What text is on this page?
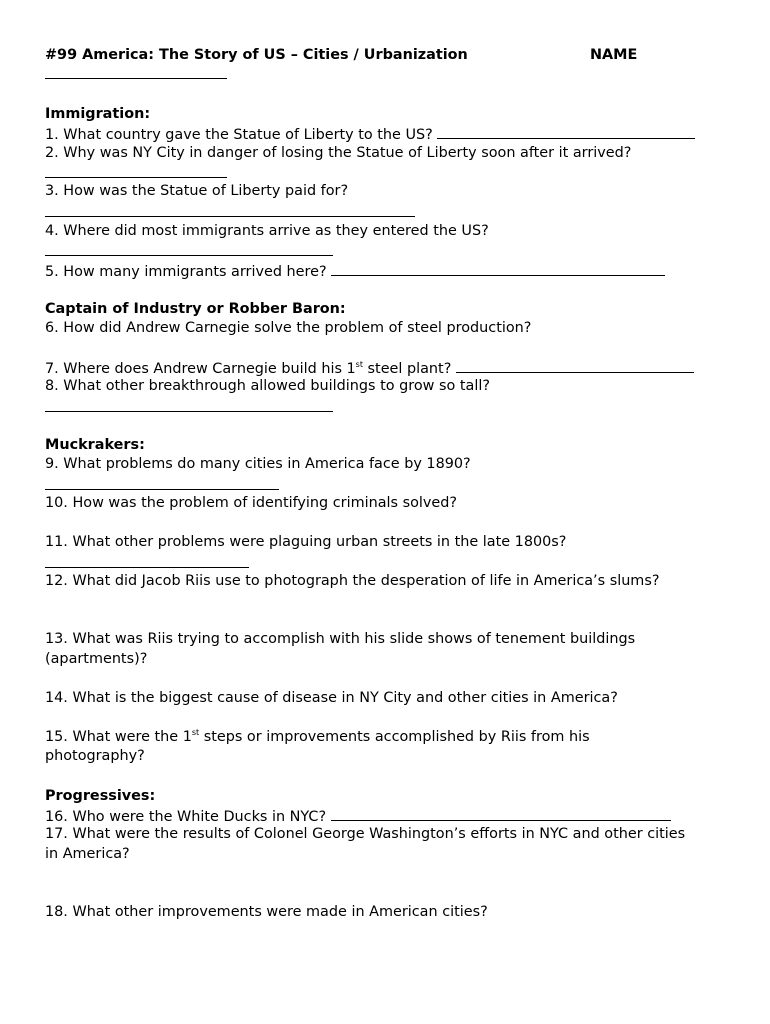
#99 America: The Story of US – Cities / Urbanization	NAME
Immigration:
1. What country gave the Statue of Liberty to the US?
2. Why was NY City in danger of losing the Statue of Liberty soon after it arrived?
3. How was the Statue of Liberty paid for?
4. Where did most immigrants arrive as they entered the US?
5. How many immigrants arrived here?
Captain of Industry or Robber Baron:
6. How did Andrew Carnegie solve the problem of steel production?
7. Where does Andrew Carnegie build his 1st steel plant?
8. What other breakthrough allowed buildings to grow so tall?
Muckrakers:
9. What problems do many cities in America face by 1890?
10. How was the problem of identifying criminals solved?
11. What other problems were plaguing urban streets in the late 1800s?
12. What did Jacob Riis use to photograph the desperation of life in America’s slums?
13. What was Riis trying to accomplish with his slide shows of tenement buildings
(apartments)?
14. What is the biggest cause of disease in NY City and other cities in America?
15. What were the 1st steps or improvements accomplished by Riis from his
photography?
Progressives:
16. Who were the White Ducks in NYC?
17. What were the results of Colonel George Washington’s efforts in NYC and other cities
in America?
18. What other improvements were made in American cities?
